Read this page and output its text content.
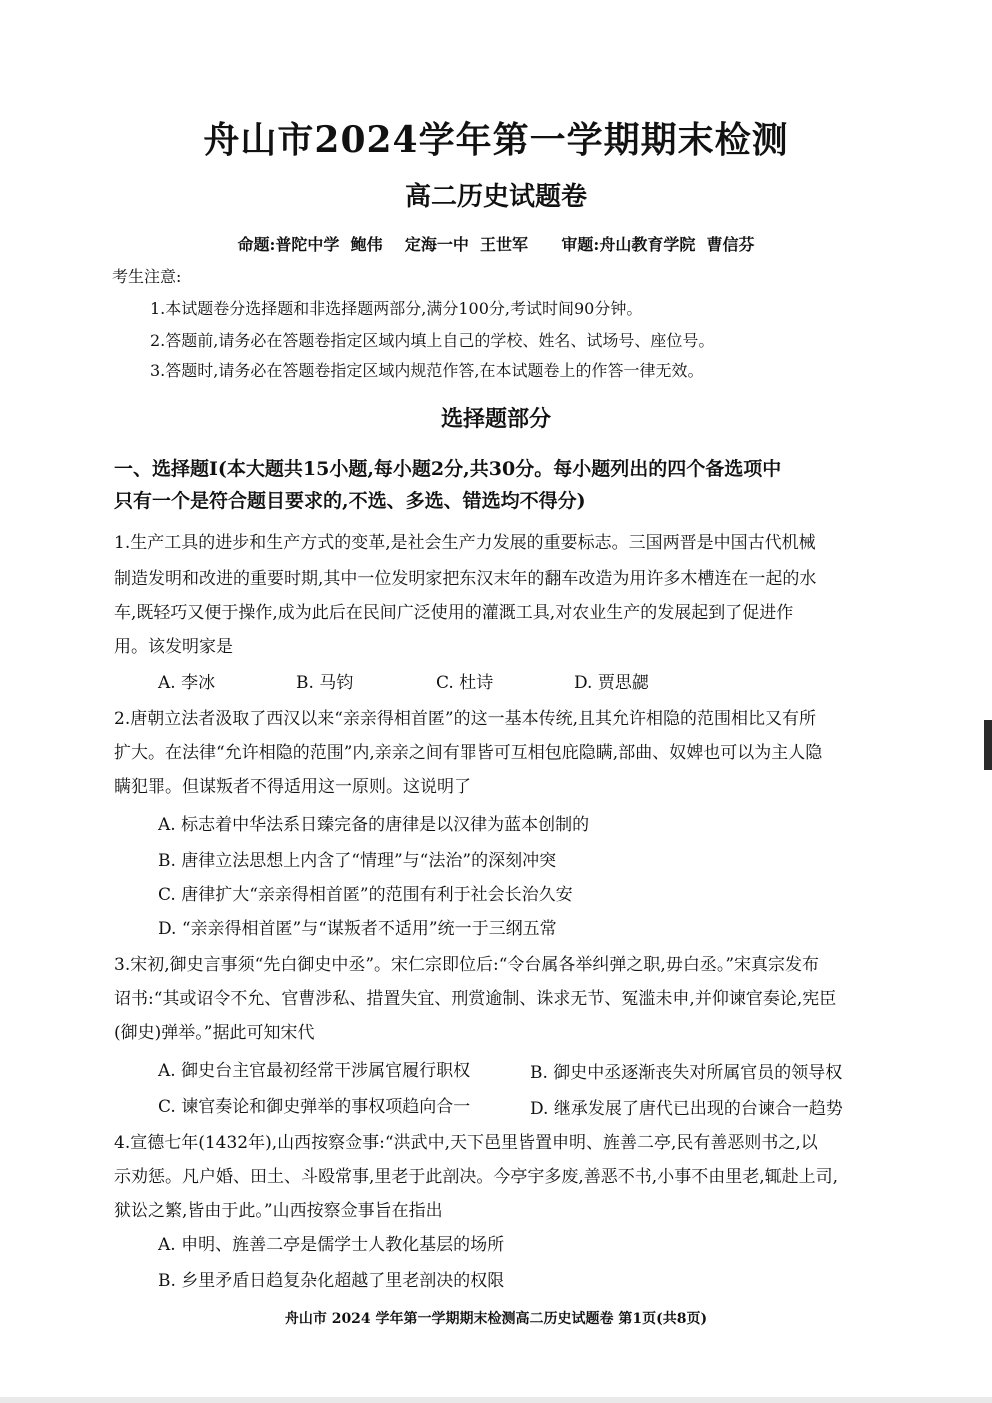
舟山市2024学年第一学期期末检测
高二历史试题卷
命题:普陀中学  鲍伟    定海一中  王世军      审题:舟山教育学院  曹信芬
考生注意:
1.本试题卷分选择题和非选择题两部分,满分100分,考试时间90分钟。
2.答题前,请务必在答题卷指定区域内填上自己的学校、姓名、试场号、座位号。
3.答题时,请务必在答题卷指定区域内规范作答,在本试题卷上的作答一律无效。
选择题部分
一、选择题Ⅰ(本大题共15小题,每小题2分,共30分。每小题列出的四个备选项中
只有一个是符合题目要求的,不选、多选、错选均不得分)
1.生产工具的进步和生产方式的变革,是社会生产力发展的重要标志。三国两晋是中国古代机械
制造发明和改进的重要时期,其中一位发明家把东汉末年的翻车改造为用许多木槽连在一起的水
车,既轻巧又便于操作,成为此后在民间广泛使用的灌溉工具,对农业生产的发展起到了促进作
用。该发明家是
A. 李冰	B. 马钧	C. 杜诗	D. 贾思勰
2.唐朝立法者汲取了西汉以来“亲亲得相首匿”的这一基本传统,且其允许相隐的范围相比又有所
扩大。在法律“允许相隐的范围”内,亲亲之间有罪皆可互相包庇隐瞒,部曲、奴婢也可以为主人隐
瞒犯罪。但谋叛者不得适用这一原则。这说明了
A. 标志着中华法系日臻完备的唐律是以汉律为蓝本创制的
B. 唐律立法思想上内含了“情理”与“法治”的深刻冲突
C. 唐律扩大“亲亲得相首匿”的范围有利于社会长治久安
D. “亲亲得相首匿”与“谋叛者不适用”统一于三纲五常
3.宋初,御史言事须“先白御史中丞”。宋仁宗即位后:“令台属各举纠弹之职,毋白丞。”宋真宗发布
诏书:“其或诏令不允、官曹涉私、措置失宜、刑赏逾制、诛求无节、冤滥未申,并仰谏官奏论,宪臣
(御史)弹举。”据此可知宋代
A. 御史台主官最初经常干涉属官履行职权	B. 御史中丞逐渐丧失对所属官员的领导权
C. 谏官奏论和御史弹举的事权项趋向合一	D. 继承发展了唐代已出现的台谏合一趋势
4.宣德七年(1432年),山西按察佥事:“洪武中,天下邑里皆置申明、旌善二亭,民有善恶则书之,以
示劝惩。凡户婚、田土、斗殴常事,里老于此剖决。今亭宇多废,善恶不书,小事不由里老,辄赴上司,
狱讼之繁,皆由于此。”山西按察佥事旨在指出
A. 申明、旌善二亭是儒学士人教化基层的场所
B. 乡里矛盾日趋复杂化超越了里老剖决的权限
舟山市 2024 学年第一学期期末检测高二历史试题卷 第1页(共8页)
